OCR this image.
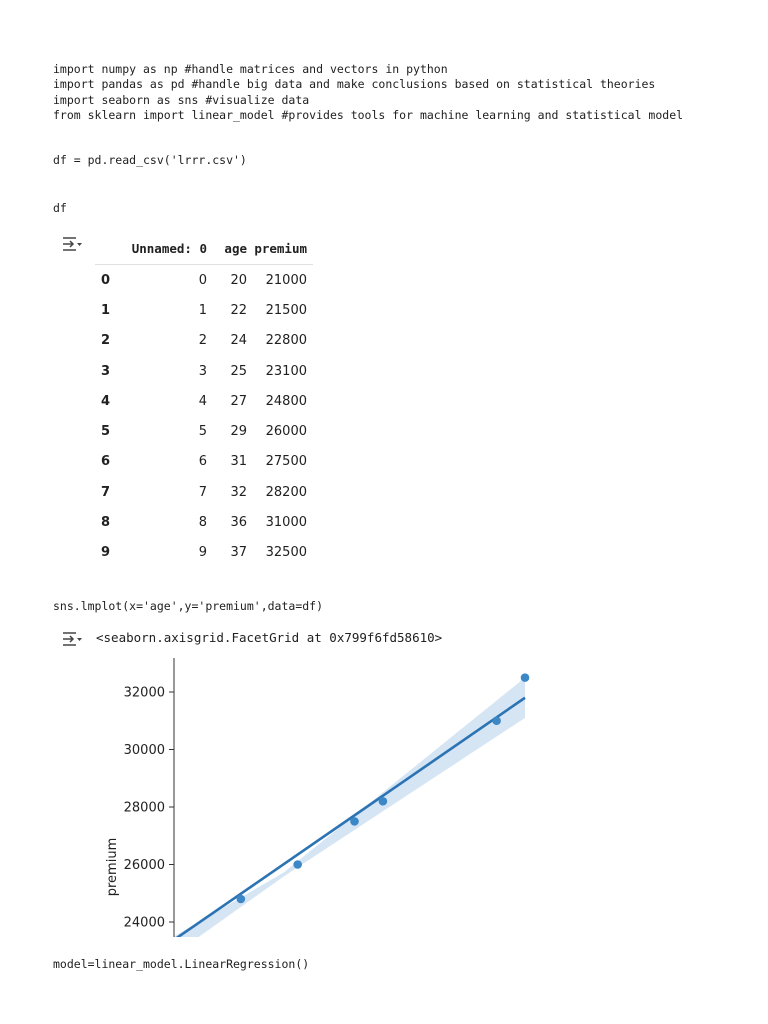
import numpy as np #handle matrices and vectors in python
import pandas as pd #handle big data and make conclusions based on statistical theories
import seaborn as sns #visualize data
from sklearn import linear_model #provides tools for machine learning and statistical model
df = pd.read_csv('lrrr.csv')
df
sns.lmplot(x='age',y='premium',data=df)
model=linear_model.LinearRegression()
	Unnamed: 0	age	premium
0	0	20	21000
1	1	22	21500
2	2	24	22800
3	3	25	23100
4	4	27	24800
5	5	29	26000
6	6	31	27500
7	7	32	28200
8	8	36	31000
9	9	37	32500
<seaborn.axisgrid.FacetGrid at 0x799f6fd58610>
24000
26000
28000
30000
32000
premium
